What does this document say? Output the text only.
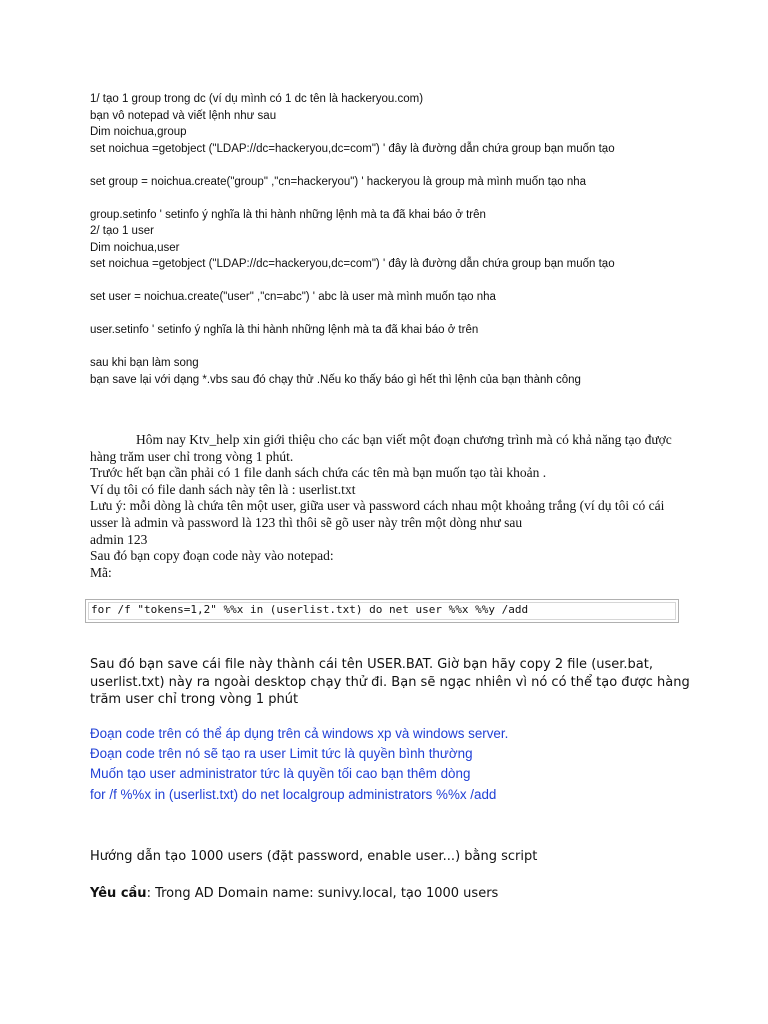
1/ tạo 1 group trong dc (ví dụ mình có 1 dc tên là hackeryou.com)
bạn vô notepad và viết lệnh như sau
Dim noichua,group
set noichua =getobject ("LDAP://dc=hackeryou,dc=com") ' đây là đường dẫn chứa group bạn muốn tạo
set group = noichua.create("group" ,"cn=hackeryou") ' hackeryou là group mà mình muốn tạo nha
group.setinfo ' setinfo ý nghĩa là thi hành những lệnh mà ta đã khai báo ở trên
2/ tạo 1 user
Dim noichua,user
set noichua =getobject ("LDAP://dc=hackeryou,dc=com") ' đây là đường dẫn chứa group bạn muốn tạo
set user = noichua.create("user" ,"cn=abc") ' abc là user mà mình muốn tạo nha
user.setinfo ' setinfo ý nghĩa là thi hành những lệnh mà ta đã khai báo ở trên
sau khi bạn làm song
bạn save lại với dạng *.vbs sau đó chạy thử .Nếu ko thấy báo gì hết thì lệnh của bạn thành công

Hôm nay Ktv_help xin giới thiệu cho các bạn viết một đoạn chương trình mà có khả năng tạo được hàng trăm user chỉ trong vòng 1 phút.

Trước hết bạn cần phải có 1 file danh sách chứa các tên mà bạn muốn tạo tài khoản .

Ví dụ tôi có file danh sách này tên là : userlist.txt

Lưu ý: mỗi dòng là chứa tên một user, giữa user và password cách nhau một khoảng trắng (ví dụ tôi có cái usser là admin và password là 123 thì thôi sẽ gõ user này trên một dòng như sau

admin 123

Sau đó bạn copy đoạn code này vào notepad:

Mã:

for /f "tokens=1,2" %%x in (userlist.txt) do net user %%x %%y /add
Sau đó bạn save cái file này thành cái tên USER.BAT. Giờ bạn hãy copy 2 file (user.bat, userlist.txt) này ra ngoài desktop chạy thử đi. Bạn sẽ ngạc nhiên vì nó có thể tạo được hàng trăm user chỉ trong vòng 1 phút
Đoạn code trên có thể áp dụng trên cả windows xp và windows server.
Đoạn code trên nó sẽ tạo ra user Limit tức là quyền bình thường
Muốn tạo user administrator tức là quyền tối cao bạn thêm dòng
for /f %%x in (userlist.txt) do net localgroup administrators %%x /add
Hướng dẫn tạo 1000 users (đặt password, enable user...) bằng script
Yêu cầu: Trong AD Domain name: sunivy.local, tạo 1000 users
